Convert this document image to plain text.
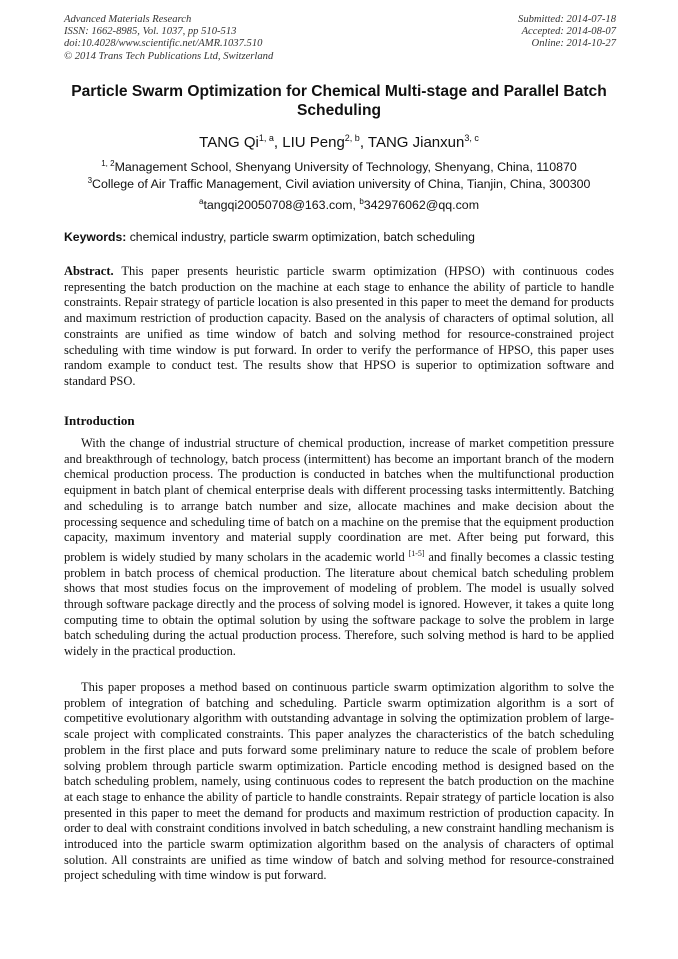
Advanced Materials Research
ISSN: 1662-8985, Vol. 1037, pp 510-513
doi:10.4028/www.scientific.net/AMR.1037.510
© 2014 Trans Tech Publications Ltd, Switzerland
Submitted: 2014-07-18
Accepted: 2014-08-07
Online: 2014-10-27
Particle Swarm Optimization for Chemical Multi-stage and Parallel Batch Scheduling
TANG Qi$^{1, a}$, LIU Peng$^{2, b}$, TANG Jianxun$^{3, c}$
$^{1, 2}$Management School, Shenyang University of Technology, Shenyang, China, 110870
$^3$College of Air Traffic Management, Civil aviation university of China, Tianjin, China, 300300
$^a$tangqi20050708@163.com, $^b$342976062@qq.com
Keywords: chemical industry, particle swarm optimization, batch scheduling
Abstract. This paper presents heuristic particle swarm optimization (HPSO) with continuous codes representing the batch production on the machine at each stage to enhance the ability of particle to handle constraints. Repair strategy of particle location is also presented in this paper to meet the demand for products and maximum restriction of production capacity. Based on the analysis of characters of optimal solution, all constraints are unified as time window of batch and solving method for resource-constrained project scheduling with time window is put forward. In order to verify the performance of HPSO, this paper uses random example to conduct test. The results show that HPSO is superior to optimization software and standard PSO.
Introduction
With the change of industrial structure of chemical production, increase of market competition pressure and breakthrough of technology, batch process (intermittent) has become an important branch of the modern chemical production process. The production is conducted in batches when the multifunctional production equipment in batch plant of chemical enterprise deals with different processing tasks intermittently. Batching and scheduling is to arrange batch number and size, allocate machines and make decision about the processing sequence and scheduling time of batch on a machine on the premise that the equipment production capacity, maximum inventory and material supply coordination are met. After being put forward, this problem is widely studied by many scholars in the academic world [1-5] and finally becomes a classic testing problem in batch process of chemical production. The literature about chemical batch scheduling problem shows that most studies focus on the improvement of modeling of problem. The model is usually solved through software package directly and the process of solving model is ignored. However, it takes a quite long computing time to obtain the optimal solution by using the software package to solve the problem in large batch scheduling during the actual production process. Therefore, such solving method is hard to be applied widely in the practical production.
This paper proposes a method based on continuous particle swarm optimization algorithm to solve the problem of integration of batching and scheduling. Particle swarm optimization algorithm is a sort of competitive evolutionary algorithm with outstanding advantage in solving the optimization problem of large-scale project with complicated constraints. This paper analyzes the characteristics of the batch scheduling problem in the first place and puts forward some preliminary nature to reduce the scale of problem before solving problem through particle swarm optimization. Particle encoding method is designed based on the batch scheduling problem, namely, using continuous codes to represent the batch production on the machine at each stage to enhance the ability of particle to handle constraints. Repair strategy of particle location is also presented in this paper to meet the demand for products and maximum restriction of production capacity. In order to deal with constraint conditions involved in batch scheduling, a new constraint handling mechanism is introduced into the particle swarm optimization algorithm based on the analysis of characters of optimal solution. All constraints are unified as time window of batch and solving method for resource-constrained project scheduling with time window is put forward.
